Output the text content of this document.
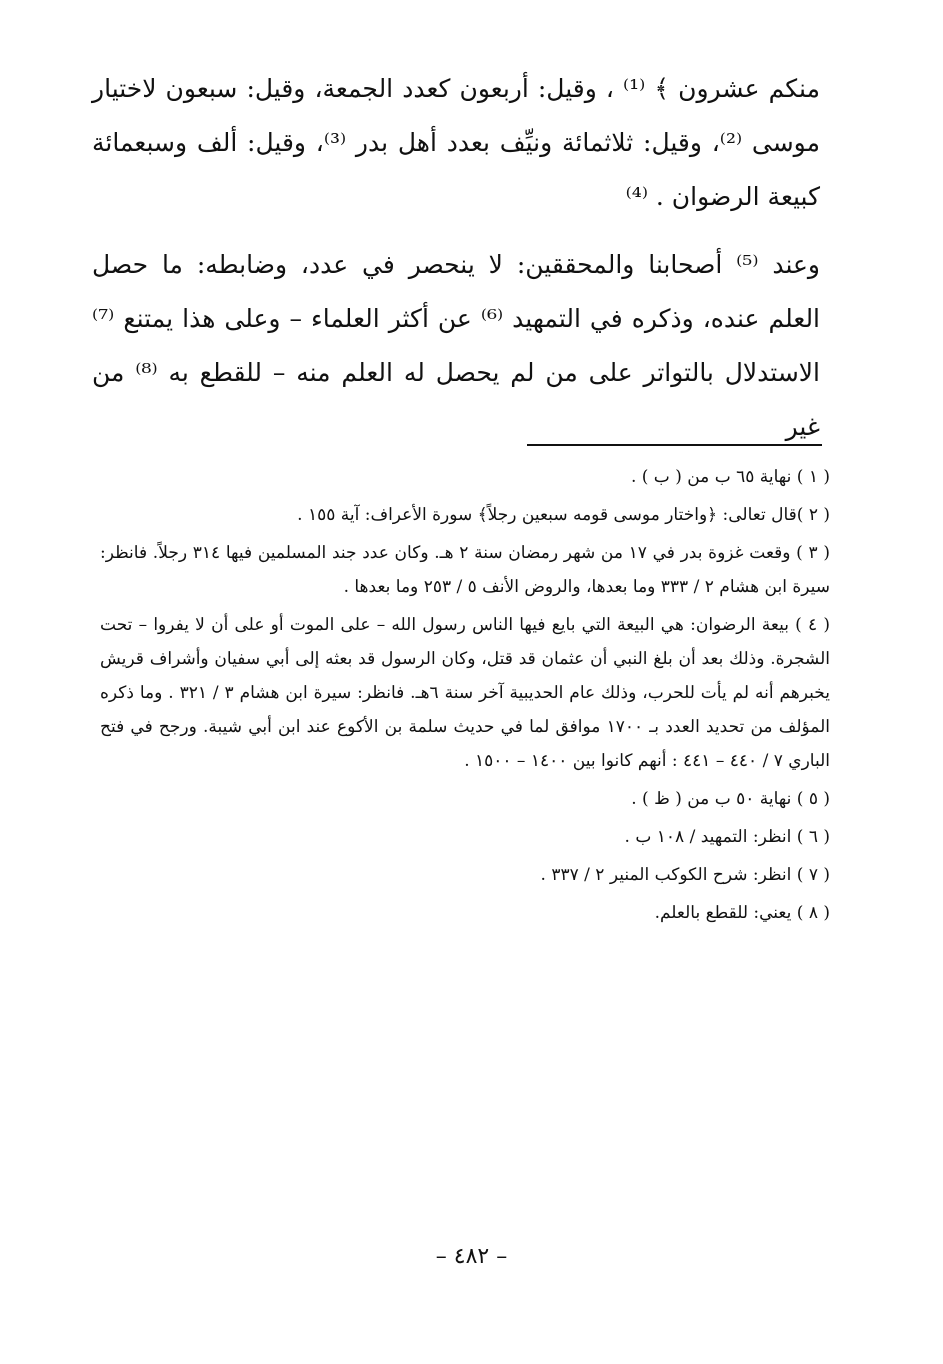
منكم عشرون ﴾ ⁽¹⁾ ، وقيل: أربعون كعدد الجمعة، وقيل: سبعون لاختيار موسى ⁽²⁾، وقيل: ثلاثمائة ونيِّف بعدد أهل بدر ⁽³⁾، وقيل: ألف وسبعمائة كبيعة الرضوان . ⁽⁴⁾

وعند ⁽⁵⁾ أصحابنا والمحققين: لا ينحصر في عدد، وضابطه: ما حصل العلم عنده، وذكره في التمهيد ⁽⁶⁾ عن أكثر العلماء – وعلى هذا يمتنع ⁽⁷⁾ الاستدلال بالتواتر على من لم يحصل له العلم منه – للقطع به ⁽⁸⁾ من غير

( ١ ) نهاية ٦٥ ب من ( ب ) .

( ٢ )قال تعالى: ﴿واختار موسى قومه سبعين رجلاً﴾ سورة الأعراف: آية ١٥٥ .

( ٣ ) وقعت غزوة بدر في ١٧ من شهر رمضان سنة ٢ هـ. وكان عدد جند المسلمين فيها ٣١٤ رجلاً. فانظر: سيرة ابن هشام ٢ / ٣٣٣ وما بعدها، والروض الأنف ٥ / ٢٥٣ وما بعدها .

( ٤ ) بيعة الرضوان: هي البيعة التي بايع فيها الناس رسول الله – على الموت أو على أن لا يفروا – تحت الشجرة. وذلك بعد أن بلغ النبي أن عثمان قد قتل، وكان الرسول قد بعثه إلى أبي سفيان وأشراف قريش يخبرهم أنه لم يأت للحرب، وذلك عام الحديبية آخر سنة ٦هـ. فانظر: سيرة ابن هشام ٣ / ٣٢١ . وما ذكره المؤلف من تحديد العدد بـ ١٧٠٠ موافق لما في حديث سلمة بن الأكوع عند ابن أبي شيبة. ورجح في فتح الباري ٧ / ٤٤٠ – ٤٤١ : أنهم كانوا بين ١٤٠٠ – ١٥٠٠ .

( ٥ ) نهاية ٥٠ ب من ( ظ ) .

( ٦ ) انظر: التمهيد / ١٠٨ ب .

( ٧ ) انظر: شرح الكوكب المنير ٢ / ٣٣٧ .

( ٨ ) يعني: للقطع بالعلم.

– ٤٨٢ –
